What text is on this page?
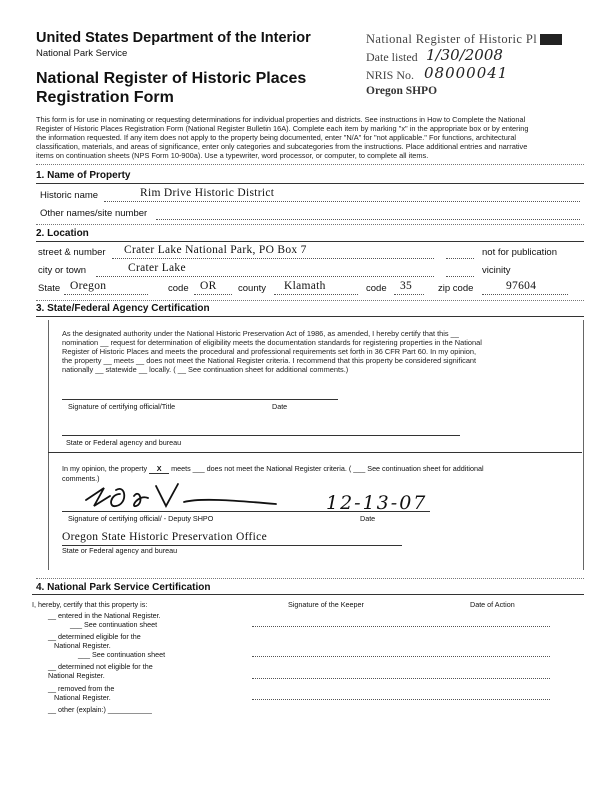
United States Department of the Interior
National Park Service
National Register of Historic Places
Registration Form
National Register of Historic Pl
Date listed 1/30/2008
NRIS No. 08000041
Oregon SHPO
This form is for use in nominating or requesting determinations for individual properties and districts. See instructions in How to Complete the National
Register of Historic Places Registration Form (National Register Bulletin 16A). Complete each item by marking "x" in the appropriate box or by entering
the information requested. If any item does not apply to the property being documented, enter "N/A" for "not applicable." For functions, architectural
classification, materials, and areas of significance, enter only categories and subcategories from the instructions. Place additional entries and narrative
items on continuation sheets (NPS Form 10-900a). Use a typewriter, word processor, or computer, to complete all items.
1. Name of Property
Historic name	Rim Drive Historic District
Other names/site number
2. Location
street & number Crater Lake National Park, PO Box 7	not for publication
city or town	Crater Lake	vicinity
State Oregon	code OR county Klamath	code 35	zip code	97604
3. State/Federal Agency Certification
As the designated authority under the National Historic Preservation Act of 1986, as amended, I hereby certify that this __
nomination __ request for determination of eligibility meets the documentation standards for registering properties in the National
Register of Historic Places and meets the procedural and professional requirements set forth in 36 CFR Part 60. In my opinion,
the property __ meets __ does not meet the National Register criteria. I recommend that this property be considered significant
nationally __ statewide __ locally. ( __ See continuation sheet for additional comments.)
Signature of certifying official/Title	Date
State or Federal agency and bureau
In my opinion, the property X meets ___ does not meet the National Register criteria. ( ___ See continuation sheet for additional
comments.)
12-13-07
Signature of certifying official/ - Deputy SHPO	Date
Oregon State Historic Preservation Office
State or Federal agency and bureau
4. National Park Service Certification
I, hereby, certify that this property is:	Signature of the Keeper	Date of Action
__ entered in the National Register.
___ See continuation sheet
__ determined eligible for the
National Register.
___ See continuation sheet
__ determined not eligible for the
National Register.
__ removed from the
National Register.
__ other (explain:) ___________
